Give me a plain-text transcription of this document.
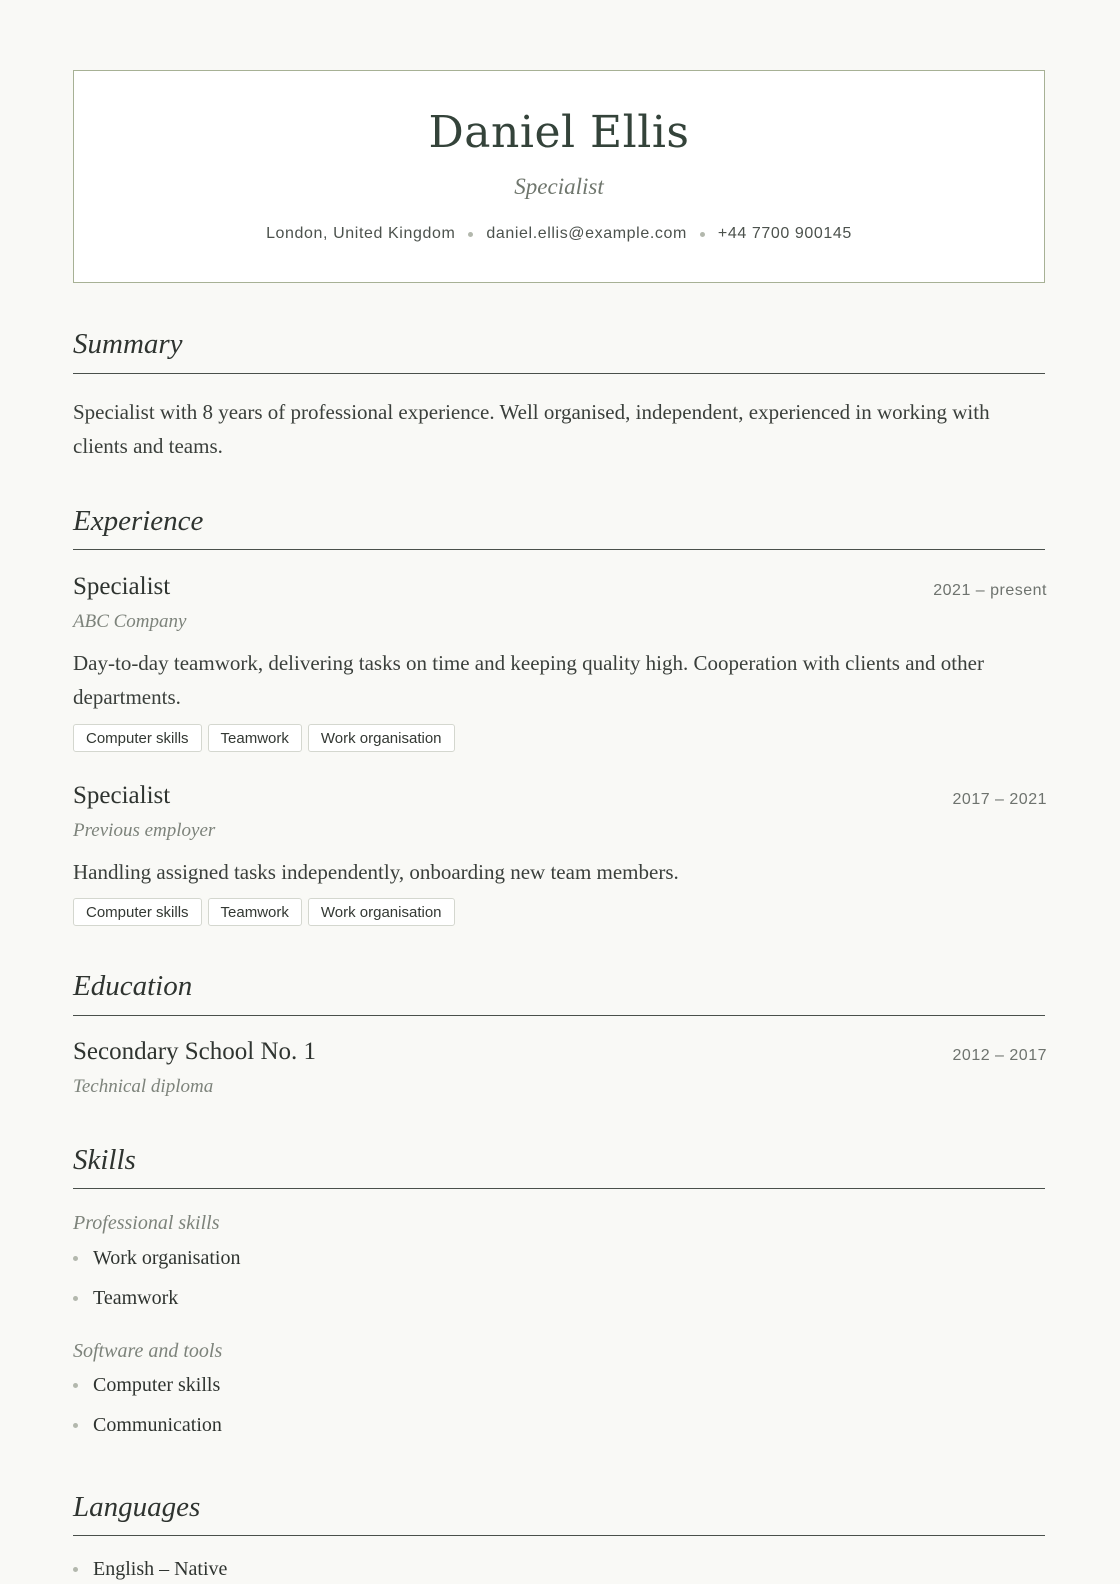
Daniel Ellis
Specialist
London, United Kingdom daniel.ellis@example.com +44 7700 900145
Summary
Specialist with 8 years of professional experience. Well organised, independent, experienced in working with clients and teams.
Experience
Specialist	2021 – present
ABC Company
Day-to-day teamwork, delivering tasks on time and keeping quality high. Cooperation with clients and other departments.
Computer skills	Teamwork	Work organisation
Specialist	2017 – 2021
Previous employer
Handling assigned tasks independently, onboarding new team members.
Computer skills	Teamwork	Work organisation
Education
Secondary School No. 1	2012 – 2017
Technical diploma
Skills
Professional skills
Work organisation
Teamwork
Software and tools
Computer skills
Communication
Languages
English – Native
